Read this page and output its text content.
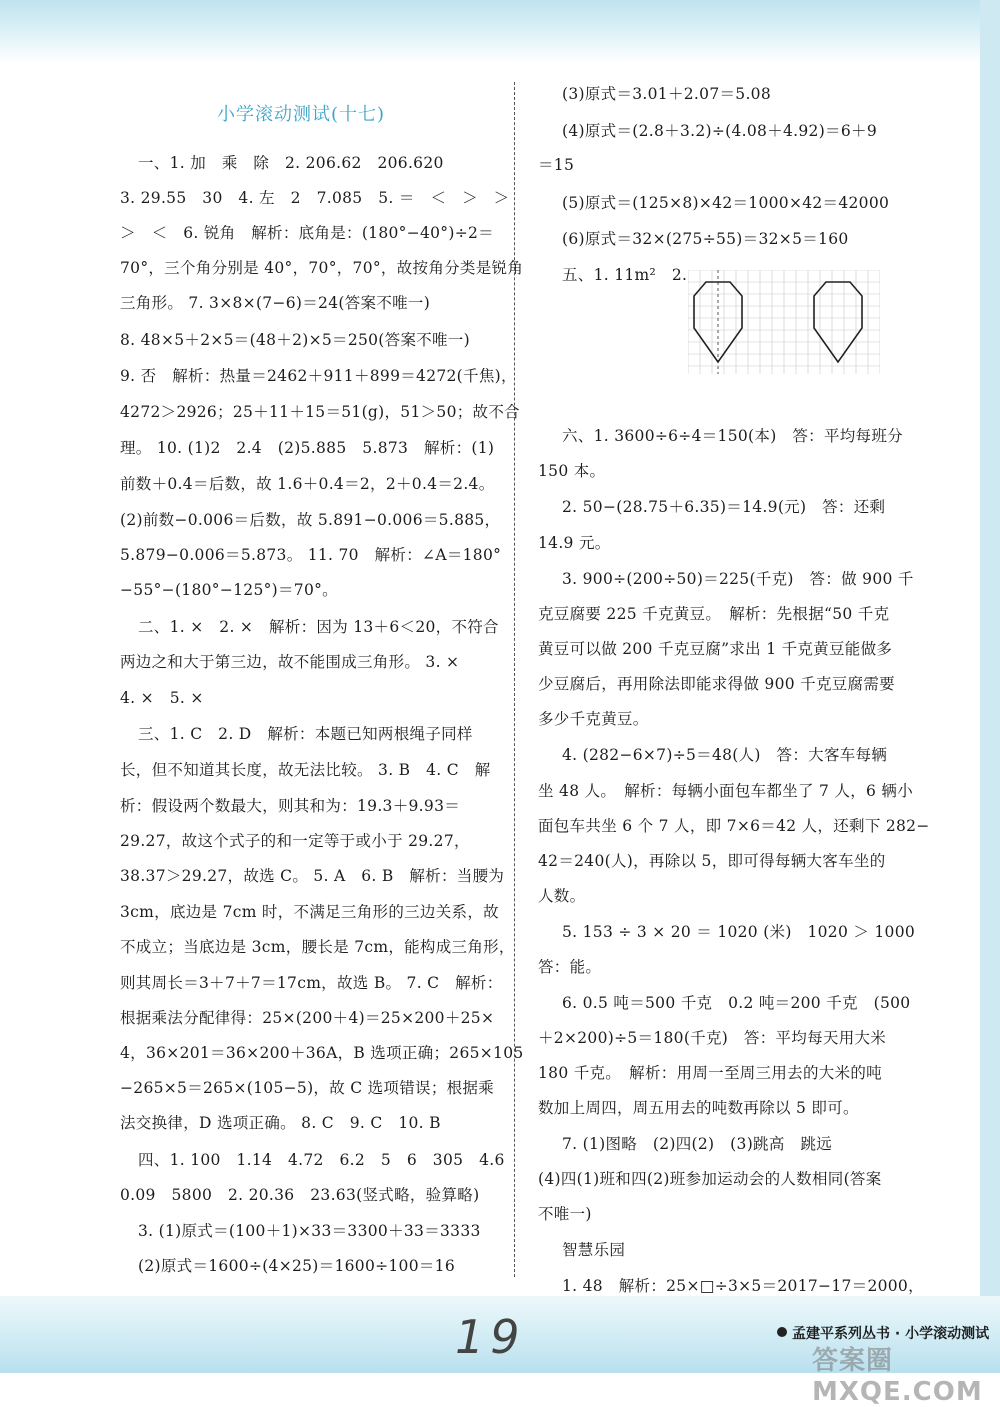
小学滚动测试(十七)
一、1. 加　乘　除　2. 206.62　206.620
3. 29.55　30　4. 左　2　7.085　5. ＝　＜　＞　＞
＞　＜　6. 锐角　解析：底角是：(180°−40°)÷2＝
70°，三个角分别是 40°，70°，70°，故按角分类是锐角
三角形。 7. 3×8×(7−6)＝24(答案不唯一)
8. 48×5＋2×5＝(48＋2)×5＝250(答案不唯一)
9. 否　解析：热量＝2462＋911＋899＝4272(千焦)，
4272＞2926；25＋11＋15＝51(g)，51＞50；故不合
理。 10. (1)2　2.4　(2)5.885　5.873　解析：(1)
前数＋0.4＝后数，故 1.6＋0.4＝2，2＋0.4＝2.4。
(2)前数−0.006＝后数，故 5.891−0.006＝5.885，
5.879−0.006＝5.873。 11. 70　解析：∠A＝180°
−55°−(180°−125°)＝70°。
二、1. ×　2. ×　解析：因为 13＋6＜20，不符合
两边之和大于第三边，故不能围成三角形。 3. ×
4. ×　5. ×
三、1. C　2. D　解析：本题已知两根绳子同样
长，但不知道其长度，故无法比较。 3. B　4. C　解
析：假设两个数最大，则其和为：19.3＋9.93＝
29.27，故这个式子的和一定等于或小于 29.27，
38.37＞29.27，故选 C。 5. A　6. B　解析：当腰为
3cm，底边是 7cm 时，不满足三角形的三边关系，故
不成立；当底边是 3cm，腰长是 7cm，能构成三角形，
则其周长＝3＋7＋7＝17cm，故选 B。 7. C　解析：
根据乘法分配律得：25×(200＋4)＝25×200＋25×
4，36×201＝36×200＋36A，B 选项正确；265×105
−265×5＝265×(105−5)，故 C 选项错误；根据乘
法交换律，D 选项正确。 8. C　9. C　10. B
四、1. 100　1.14　4.72　6.2　5　6　305　4.6
0.09　5800　2. 20.36　23.63(竖式略，验算略)
3. (1)原式＝(100＋1)×33＝3300＋33＝3333
(2)原式＝1600÷(4×25)＝1600÷100＝16
(3)原式＝3.01＋2.07＝5.08
(4)原式＝(2.8＋3.2)÷(4.08＋4.92)＝6＋9
＝15
(5)原式＝(125×8)×42＝1000×42＝42000
(6)原式＝32×(275÷55)＝32×5＝160
五、1. 11m²　2.
六、1. 3600÷6÷4＝150(本)　答：平均每班分
150 本。
2. 50−(28.75＋6.35)＝14.9(元)　答：还剩
14.9 元。
3. 900÷(200÷50)＝225(千克)　答：做 900 千
克豆腐要 225 千克黄豆。　解析：先根据“50 千克
黄豆可以做 200 千克豆腐”求出 1 千克黄豆能做多
少豆腐后，再用除法即能求得做 900 千克豆腐需要
多少千克黄豆。
4. (282−6×7)÷5＝48(人)　答：大客车每辆
坐 48 人。　解析：每辆小面包车都坐了 7 人，6 辆小
面包车共坐 6 个 7 人，即 7×6＝42 人，还剩下 282−
42＝240(人)，再除以 5，即可得每辆大客车坐的
人数。
5. 153 ÷ 3 × 20 ＝ 1020 (米)　1020 ＞ 1000
答：能。
6. 0.5 吨＝500 千克　0.2 吨＝200 千克　(500
＋2×200)÷5＝180(千克)　答：平均每天用大米
180 千克。　解析：用周一至周三用去的大米的吨
数加上周四，周五用去的吨数再除以 5 即可。
7. (1)图略　(2)四(2)　(3)跳高　跳远
(4)四(1)班和四(2)班参加运动会的人数相同(答案
不唯一)
智慧乐园
1. 48　解析：25×□÷3×5＝2017−17＝2000，
19	孟建平系列丛书 · 小学滚动测试
答案圈 MXQE.COM
